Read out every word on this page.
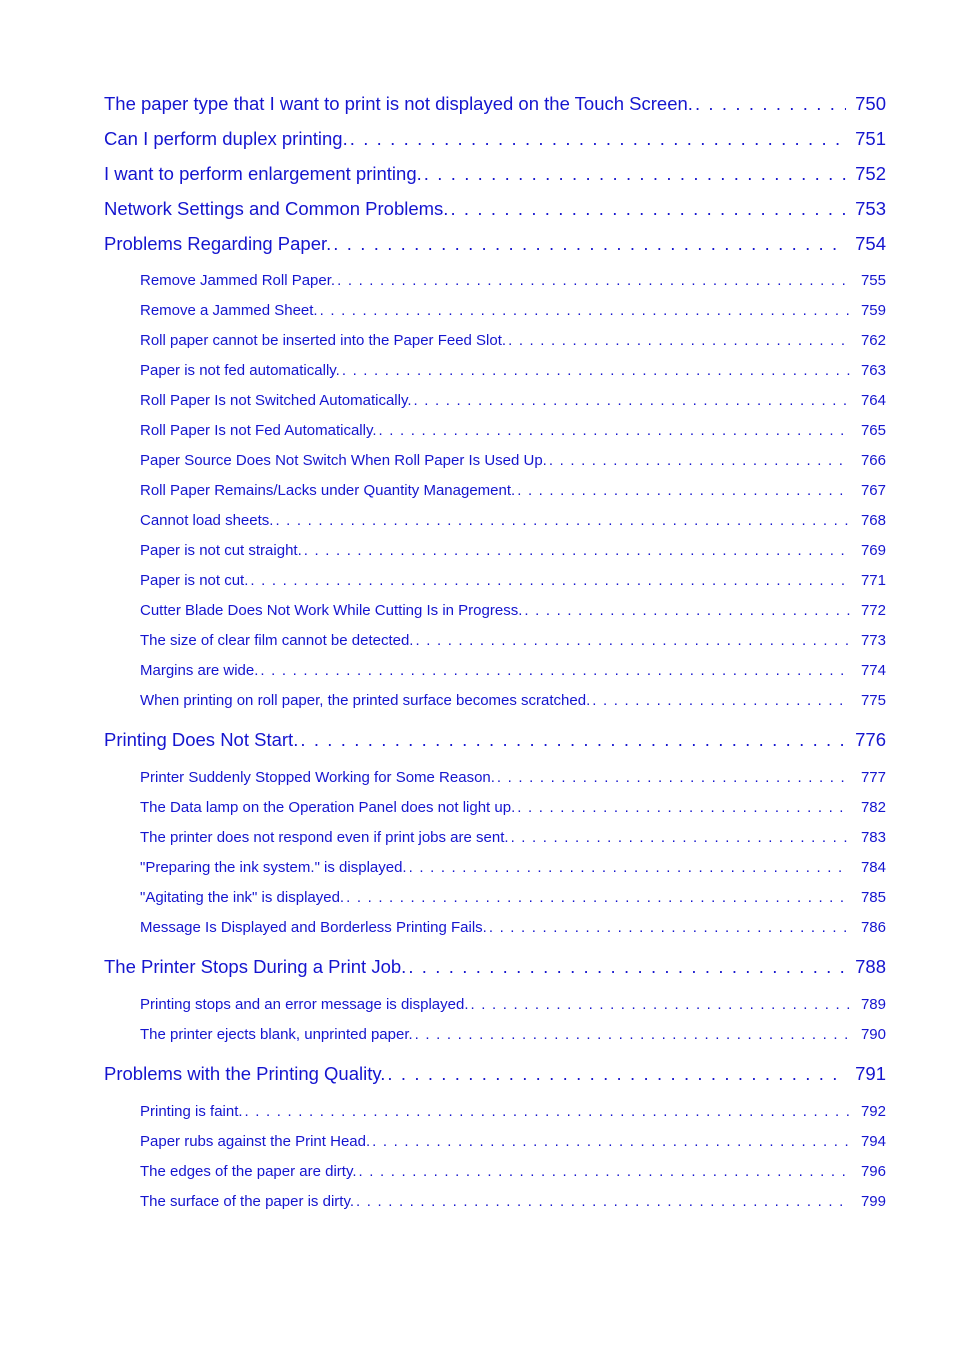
The paper type that I want to print is not displayed on the Touch Screen. . . .	750
Can I perform duplex printing. . . .	751
I want to perform enlargement printing. . . .	752
Network Settings and Common Problems. . . .	753
Problems Regarding Paper. . . .	754
Remove Jammed Roll Paper. . . .	755
Remove a Jammed Sheet. . . .	759
Roll paper cannot be inserted into the Paper Feed Slot. . . .	762
Paper is not fed automatically. . . .	763
Roll Paper Is not Switched Automatically. . . .	764
Roll Paper Is not Fed Automatically. . . .	765
Paper Source Does Not Switch When Roll Paper Is Used Up. . . .	766
Roll Paper Remains/Lacks under Quantity Management. . . .	767
Cannot load sheets. . . .	768
Paper is not cut straight. . . .	769
Paper is not cut. . . .	771
Cutter Blade Does Not Work While Cutting Is in Progress. . . .	772
The size of clear film cannot be detected. . . .	773
Margins are wide. . . .	774
When printing on roll paper, the printed surface becomes scratched. . . .	775
Printing Does Not Start. . . .	776
Printer Suddenly Stopped Working for Some Reason. . . .	777
The Data lamp on the Operation Panel does not light up. . . .	782
The printer does not respond even if print jobs are sent. . . .	783
"Preparing the ink system." is displayed. . . .	784
"Agitating the ink" is displayed. . . .	785
Message Is Displayed and Borderless Printing Fails. . . .	786
The Printer Stops During a Print Job. . . .	788
Printing stops and an error message is displayed. . . .	789
The printer ejects blank, unprinted paper. . . .	790
Problems with the Printing Quality. . . .	791
Printing is faint. . . .	792
Paper rubs against the Print Head. . . .	794
The edges of the paper are dirty. . . .	796
The surface of the paper is dirty. . . .	799
